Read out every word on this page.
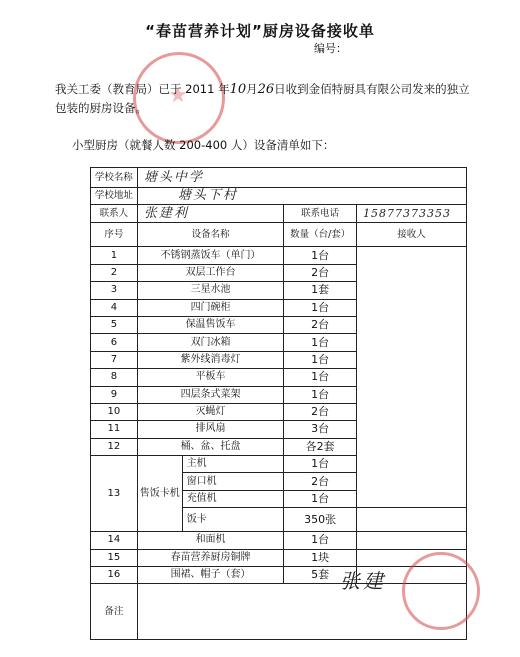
“春苗营养计划”厨房设备接收单
编号：
我关工委（教育局）已于 2011 年10月26日收到金佰特厨具有限公司发来的独立包装的厨房设备。
小型厨房（就餐人数 200-400 人）设备清单如下：
学校名称	塘头中学			
学校地址	塘头下村			
联系人	张建利		联系电话	15877373353
序号	设备名称		数量（台/套）	接收人
1	不锈钢蒸饭车（单门）		1台	
2	双层工作台		2台	
3	三星水池		1套	
4	四门碗柜		1台	
5	保温售饭车		2台	
6	双门冰箱		1台	
7	紫外线消毒灯		1台	
8	平板车		1台	
9	四层条式菜架		1台	
10	灭蝇灯		2台	
11	排风扇		3台	
12	桶、盆、托盘		各2套	
13	售饭卡机	主机	1台	
		窗口机	2台	
		充值机	1台	
		饭卡	350张	
14	和面机		1台	
15	春苗营养厨房铜牌		1块	
16	围裙、帽子（套）		5套	
备注				
张建
